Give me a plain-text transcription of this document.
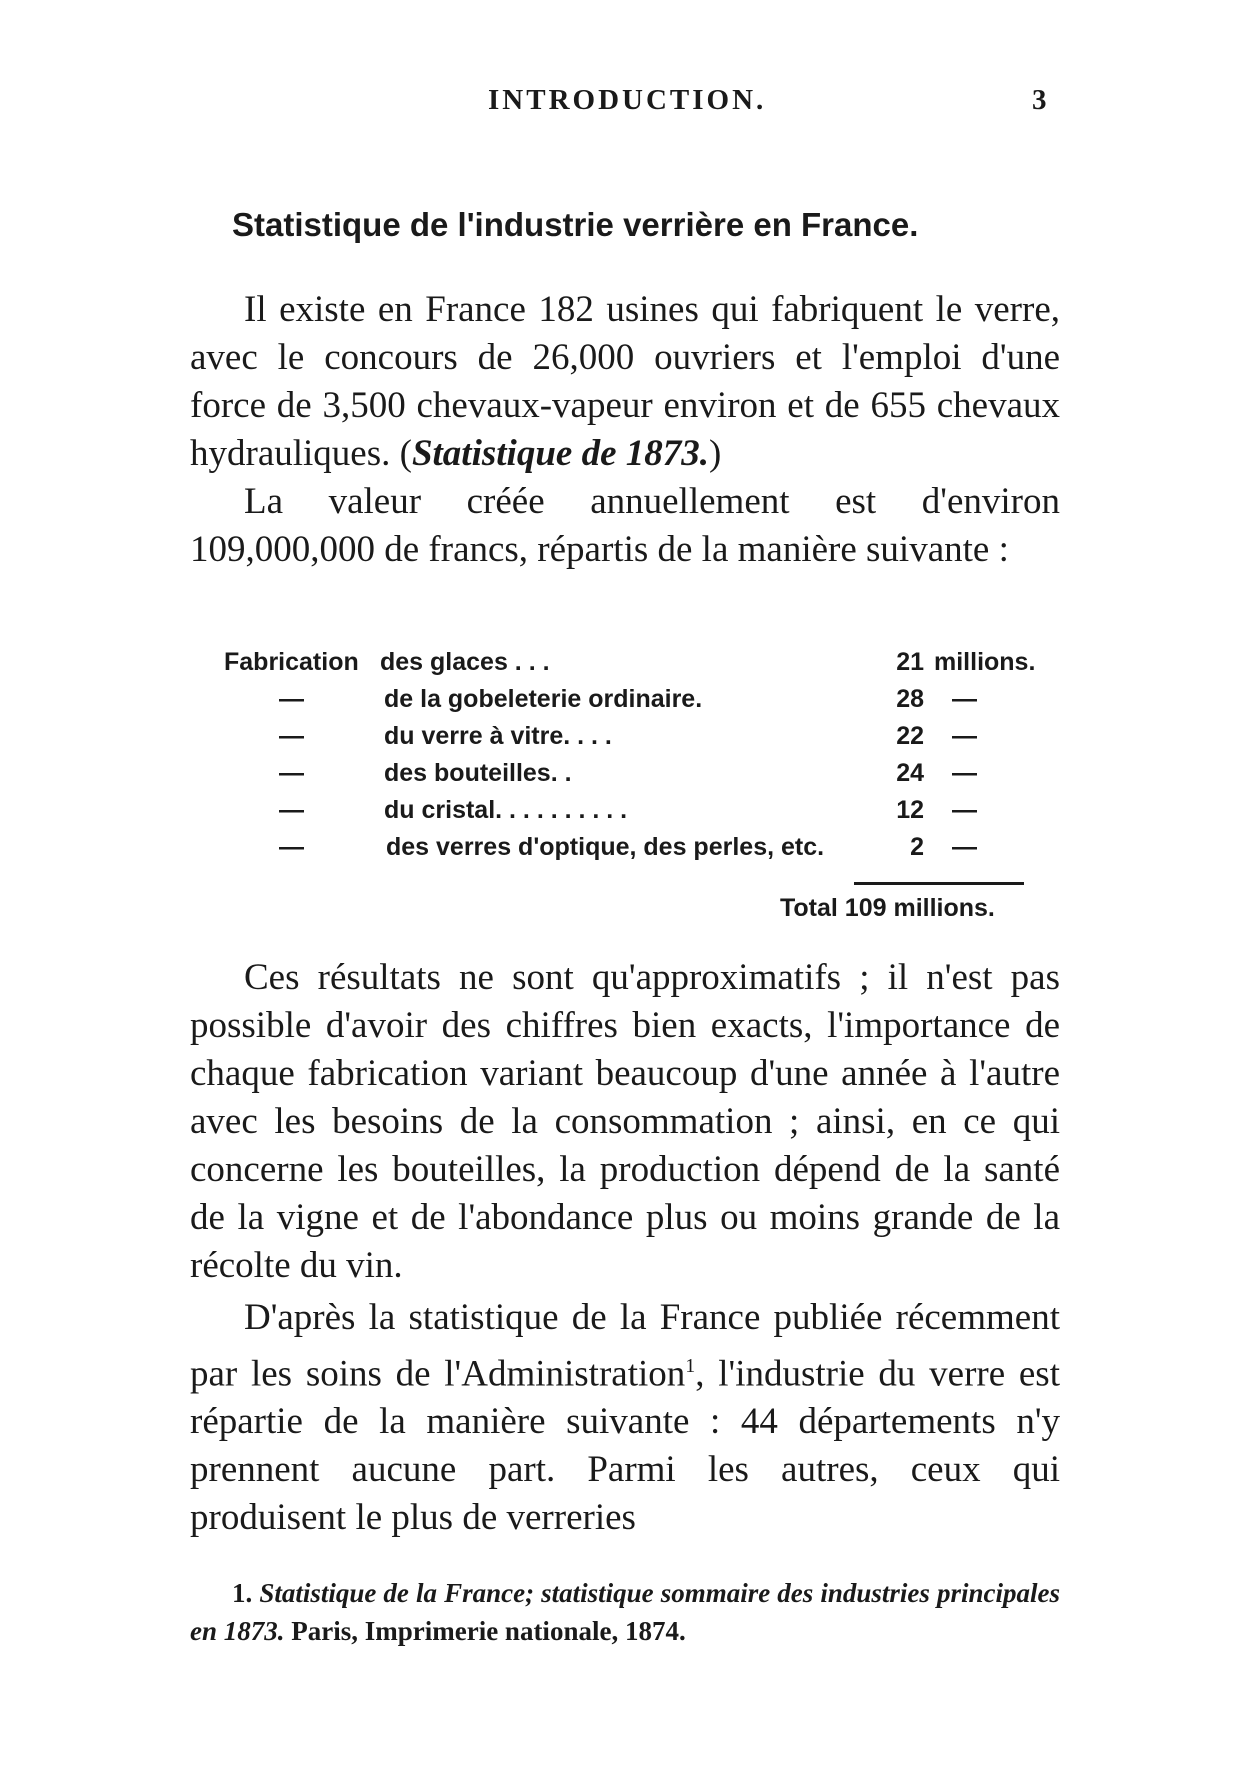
INTRODUCTION.	3
Statistique de l'industrie verrière en France.

Il existe en France 182 usines qui fabriquent le verre, avec le concours de 26,000 ouvriers et l'emploi d'une force de 3,500 chevaux-vapeur environ et de 655 chevaux hydrauliques. (Statistique de 1873.)

La valeur créée annuellement est d'environ 109,000,000 de francs, répartis de la manière suivante :

Fabrication des glaces . . .	21 millions.
—	de la gobeleterie ordinaire.	28 —
—	du verre à vitre. . . .	22 —
—	des bouteilles. .	24 —
—	du cristal. . . . . . . . . .	12 —
—	des verres d'optique, des perles, etc.	2 —
Total 109 millions.

Ces résultats ne sont qu'approximatifs ; il n'est pas possible d'avoir des chiffres bien exacts, l'importance de chaque fabrication variant beaucoup d'une année à l'autre avec les besoins de la consommation ; ainsi, en ce qui concerne les bouteilles, la production dépend de la santé de la vigne et de l'abondance plus ou moins grande de la récolte du vin.

D'après la statistique de la France publiée récemment par les soins de l'Administration$^1$, l'industrie du verre est répartie de la manière suivante : 44 départements n'y prennent aucune part. Parmi les autres, ceux qui produisent le plus de verreries

1. Statistique de la France; statistique sommaire des industries principales en 1873. Paris, Imprimerie nationale, 1874.
